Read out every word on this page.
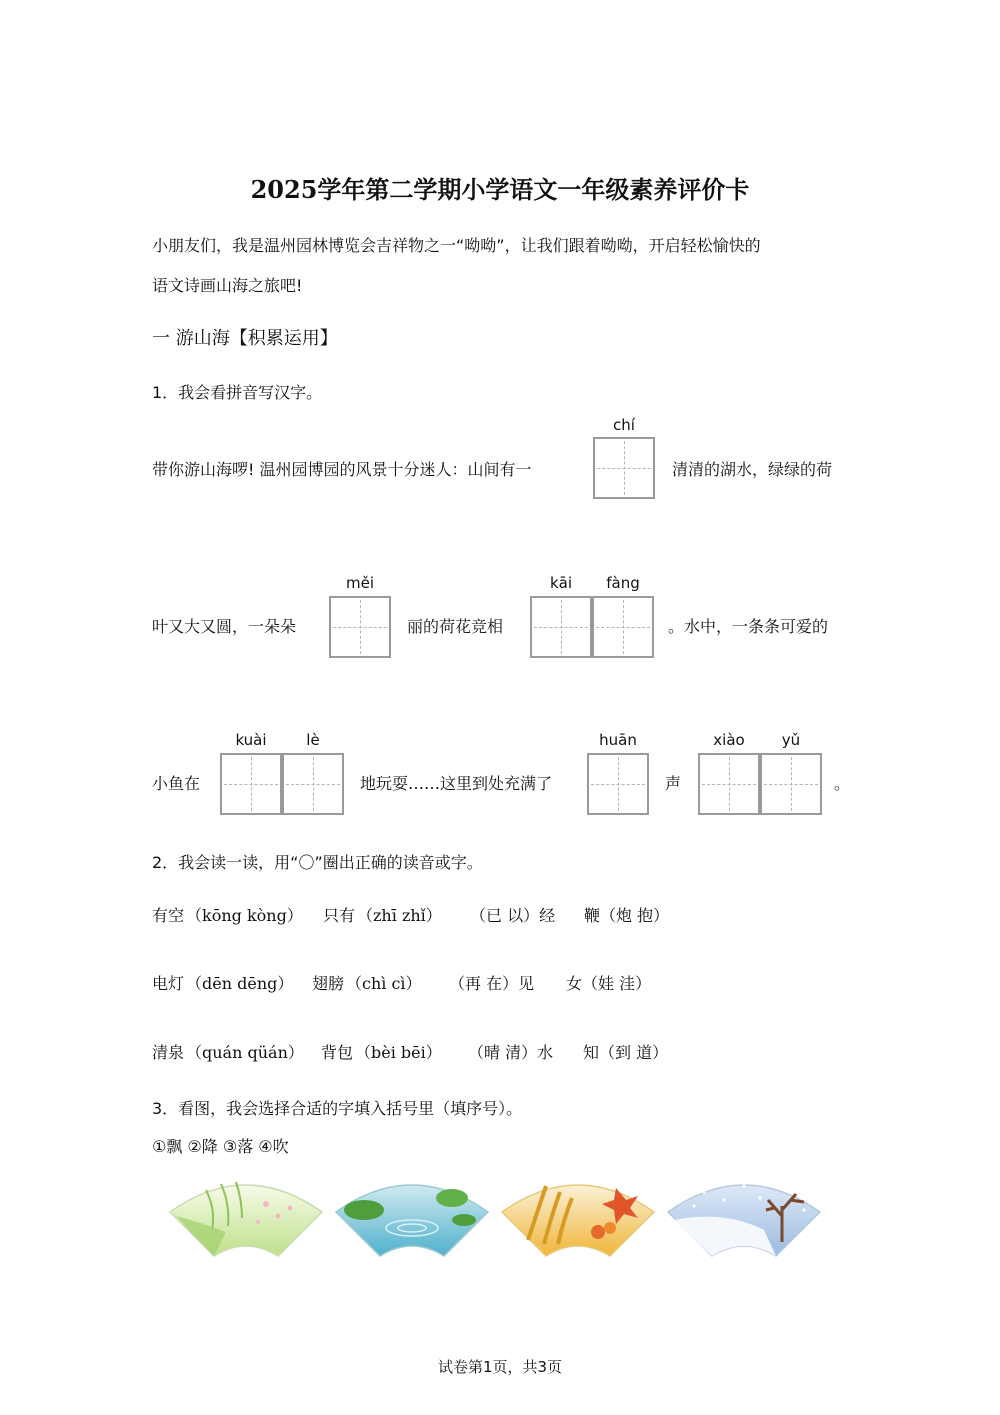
2025学年第二学期小学语文一年级素养评价卡
小朋友们，我是温州园林博览会吉祥物之一“呦呦”，让我们跟着呦呦，开启轻松愉快的
语文诗画山海之旅吧!
一 游山海【积累运用】
1．我会看拼音写汉字。
带你游山海啰! 温州园博园的风景十分迷人：山间有一
chí
清清的湖水，绿绿的荷
叶又大又圆，一朵朵
měi
丽的荷花竞相
kāi	fàng
。水中，一条条可爱的
小鱼在
kuài	lè
地玩耍……这里到处充满了
huān
声
xiào	yǔ
。
2．我会读一读，用“〇”圈出正确的读音或字。
有空 （kōng kòng） 只有 （zhī zhǐ） （已 以）经 鞭（炮 抱）
电灯 （dēn dēng） 翅膀 （chì cì） （再 在）见 女（娃 洼）
清泉 （quán qüán） 背包 （bèi bēi） （晴 清）水 知（到 道）
3．看图，我会选择合适的字填入括号里（填序号）。
①飘 ②降 ③落 ④吹
试卷第1页，共3页
